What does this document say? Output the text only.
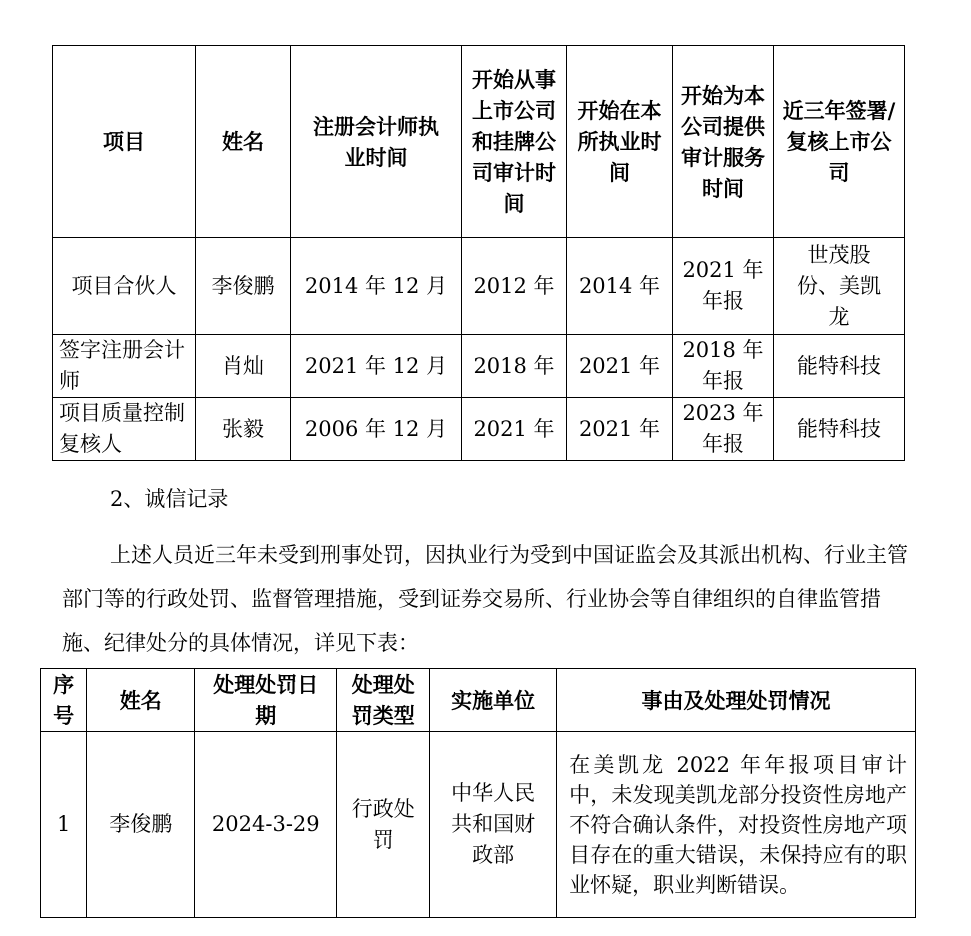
项目	姓名	注册会计师执业时间	开始从事上市公司和挂牌公司审计时间	开始在本所执业时间	开始为本公司提供审计服务时间	近三年签署/复核上市公司
项目合伙人	李俊鹏	2014 年 12 月	2012 年	2014 年	2021 年年报	世茂股份、美凯龙
签字注册会计师	肖灿	2021 年 12 月	2018 年	2021 年	2018 年年报	能特科技
项目质量控制复核人	张毅	2006 年 12 月	2021 年	2021 年	2023 年年报	能特科技
2、诚信记录
上述人员近三年未受到刑事处罚，因执业行为受到中国证监会及其派出机构、行业主管部门等的行政处罚、监督管理措施，受到证券交易所、行业协会等自律组织的自律监管措施、纪律处分的具体情况，详见下表：
序号	姓名	处理处罚日期	处理处罚类型	实施单位	事由及处理处罚情况
1	李俊鹏	2024-3-29	行政处罚	中华人民共和国财政部	在美凯龙 2022 年年报项目审计中，未发现美凯龙部分投资性房地产不符合确认条件，对投资性房地产项目存在的重大错误，未保持应有的职业怀疑，职业判断错误。
